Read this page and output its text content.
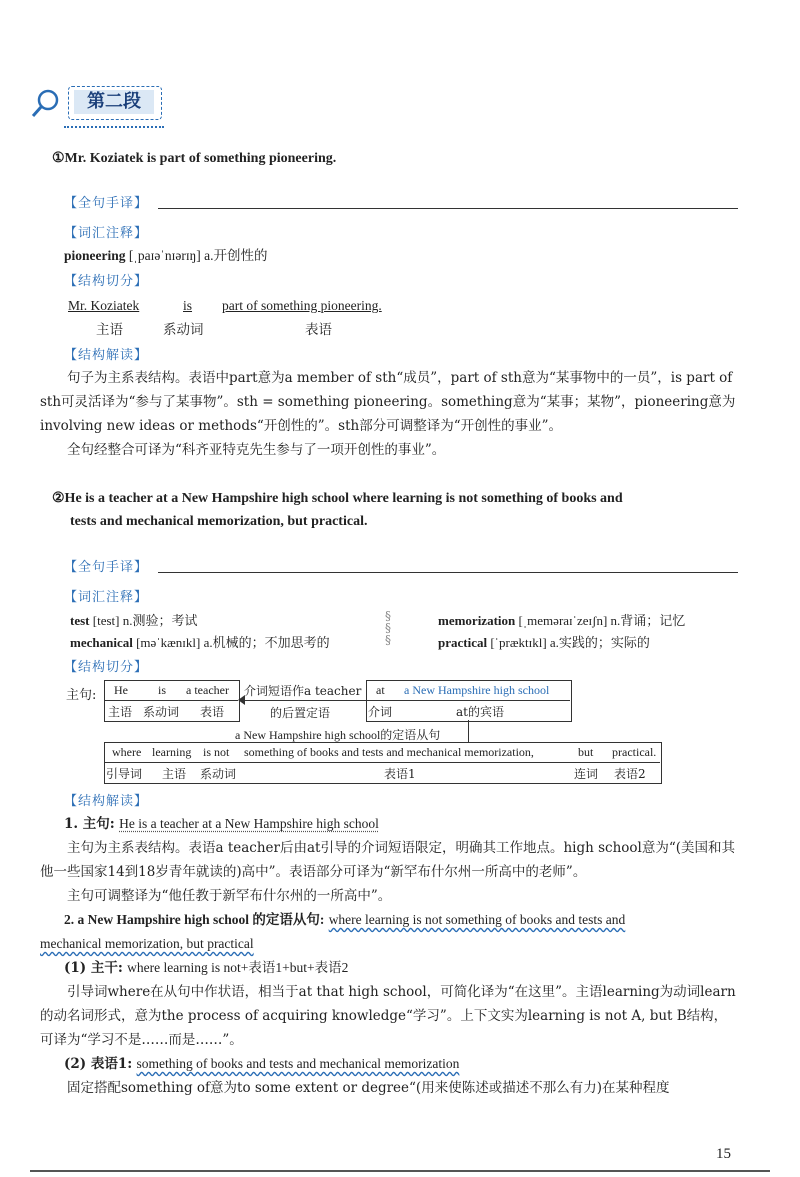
第二段
①Mr. Koziatek is part of something pioneering.
【全句手译】
【词汇注释】
pioneering [ˌpaɪəˈnɪərɪŋ] a.开创性的
【结构切分】
Mr. Koziatek	is part of something pioneering.
主语	系动词	表语
【结构解读】
句子为主系表结构。表语中part意为a member of sth“成员”，part of sth意为“某事物中的一员”，is part of sth可灵活译为“参与了某事物”。sth = something pioneering。something意为“某事；某物”，pioneering意为involving new ideas or methods“开创性的”。sth部分可调整译为“开创性的事业”。
全句经整合可译为“科齐亚特克先生参与了一项开创性的事业”。
②He is a teacher at a New Hampshire high school where learning is not something of books and
tests and mechanical memorization, but practical.
【全句手译】
【词汇注释】
test [test] n.测验；考试
mechanical [məˈkænɪkl] a.机械的；不加思考的
§
§
§
memorization [ˌmeməraɪˈzeɪʃn] n.背诵；记忆
practical [ˈpræktɪkl] a.实践的；实际的
【结构切分】
主句: He	is a teacher
主语 系动词 表语
介词短语作a teacher
的后置定语
at a New Hampshire high school
介词	at的宾语
a New Hampshire high school的定语从句
where learning is not something of books and tests and mechanical memorization,	but practical.
引导词 主语 系动词	表语1	连词 表语2
【结构解读】
1. 主句: He is a teacher at a New Hampshire high school
主句为主系表结构。表语a teacher后由at引导的介词短语限定，明确其工作地点。high school意为“(美国和其他一些国家14到18岁青年就读的)高中”。表语部分可译为“新罕布什尔州一所高中的老师”。
主句可调整译为“他任教于新罕布什尔州的一所高中”。
2. a New Hampshire high school 的定语从句: where learning is not something of books and tests and
mechanical memorization, but practical
(1) 主干: where learning is not+表语1+but+表语2
引导词where在从句中作状语，相当于at that high school，可简化译为“在这里”。主语learning为动词learn的动名词形式，意为the process of acquiring knowledge“学习”。上下文实为learning is not A, but B结构，可译为“学习不是……而是……”。
(2) 表语1: something of books and tests and mechanical memorization
固定搭配something of意为to some extent or degree“(用来使陈述或描述不那么有力)在某种程度
15
